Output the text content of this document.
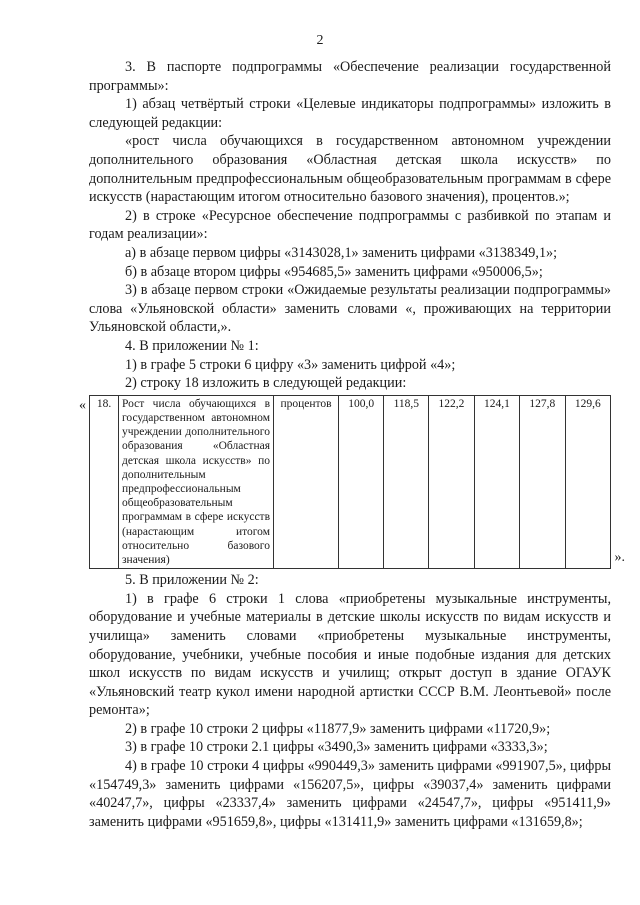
2

3. В паспорте подпрограммы «Обеспечение реализации государственной программы»:

1) абзац четвёртый строки «Целевые индикаторы подпрограммы» изложить в следующей редакции:

«рост числа обучающихся в государственном автономном учреждении дополнительного образования «Областная детская школа искусств» по дополнительным предпрофессиональным общеобразовательным программам в сфере искусств (нарастающим итогом относительно базового значения), процентов.»;

2) в строке «Ресурсное обеспечение подпрограммы с разбивкой по этапам и годам реализации»:

а) в абзаце первом цифры «3143028,1» заменить цифрами «3138349,1»;

б) в абзаце втором цифры «954685,5» заменить цифрами «950006,5»;

3) в абзаце первом строки «Ожидаемые результаты реализации подпрограммы» слова «Ульяновской области» заменить словами «, проживающих на территории Ульяновской области,».

4. В приложении № 1:

1) в графе 5 строки 6 цифру «3» заменить цифрой «4»;

2) строку 18 изложить в следующей редакции:

« 18.	Рост числа обучающихся в государственном автономном учреждении дополнительного образования «Областная детская школа искусств» по дополнительным предпрофессиональным общеобразовательным программам в сфере искусств (нарастающим итогом относительно базового значения)	процентов	100,0	118,5	122,2	124,1	127,8	129,6
».

5. В приложении № 2:

1) в графе 6 строки 1 слова «приобретены музыкальные инструменты, оборудование и учебные материалы в детские школы искусств по видам искусств и училища» заменить словами «приобретены музыкальные инструменты, оборудование, учебники, учебные пособия и иные подобные издания для детских школ искусств по видам искусств и училищ; открыт доступ в здание ОГАУК «Ульяновский театр кукол имени народной артистки СССР В.М. Леонтьевой» после ремонта»;

2) в графе 10 строки 2 цифры «11877,9» заменить цифрами «11720,9»;

3) в графе 10 строки 2.1 цифры «3490,3» заменить цифрами «3333,3»;

4) в графе 10 строки 4 цифры «990449,3» заменить цифрами «991907,5», цифры «154749,3» заменить цифрами «156207,5», цифры «39037,4» заменить цифрами «40247,7», цифры «23337,4» заменить цифрами «24547,7», цифры «951411,9» заменить цифрами «951659,8», цифры «131411,9» заменить цифрами «131659,8»;
